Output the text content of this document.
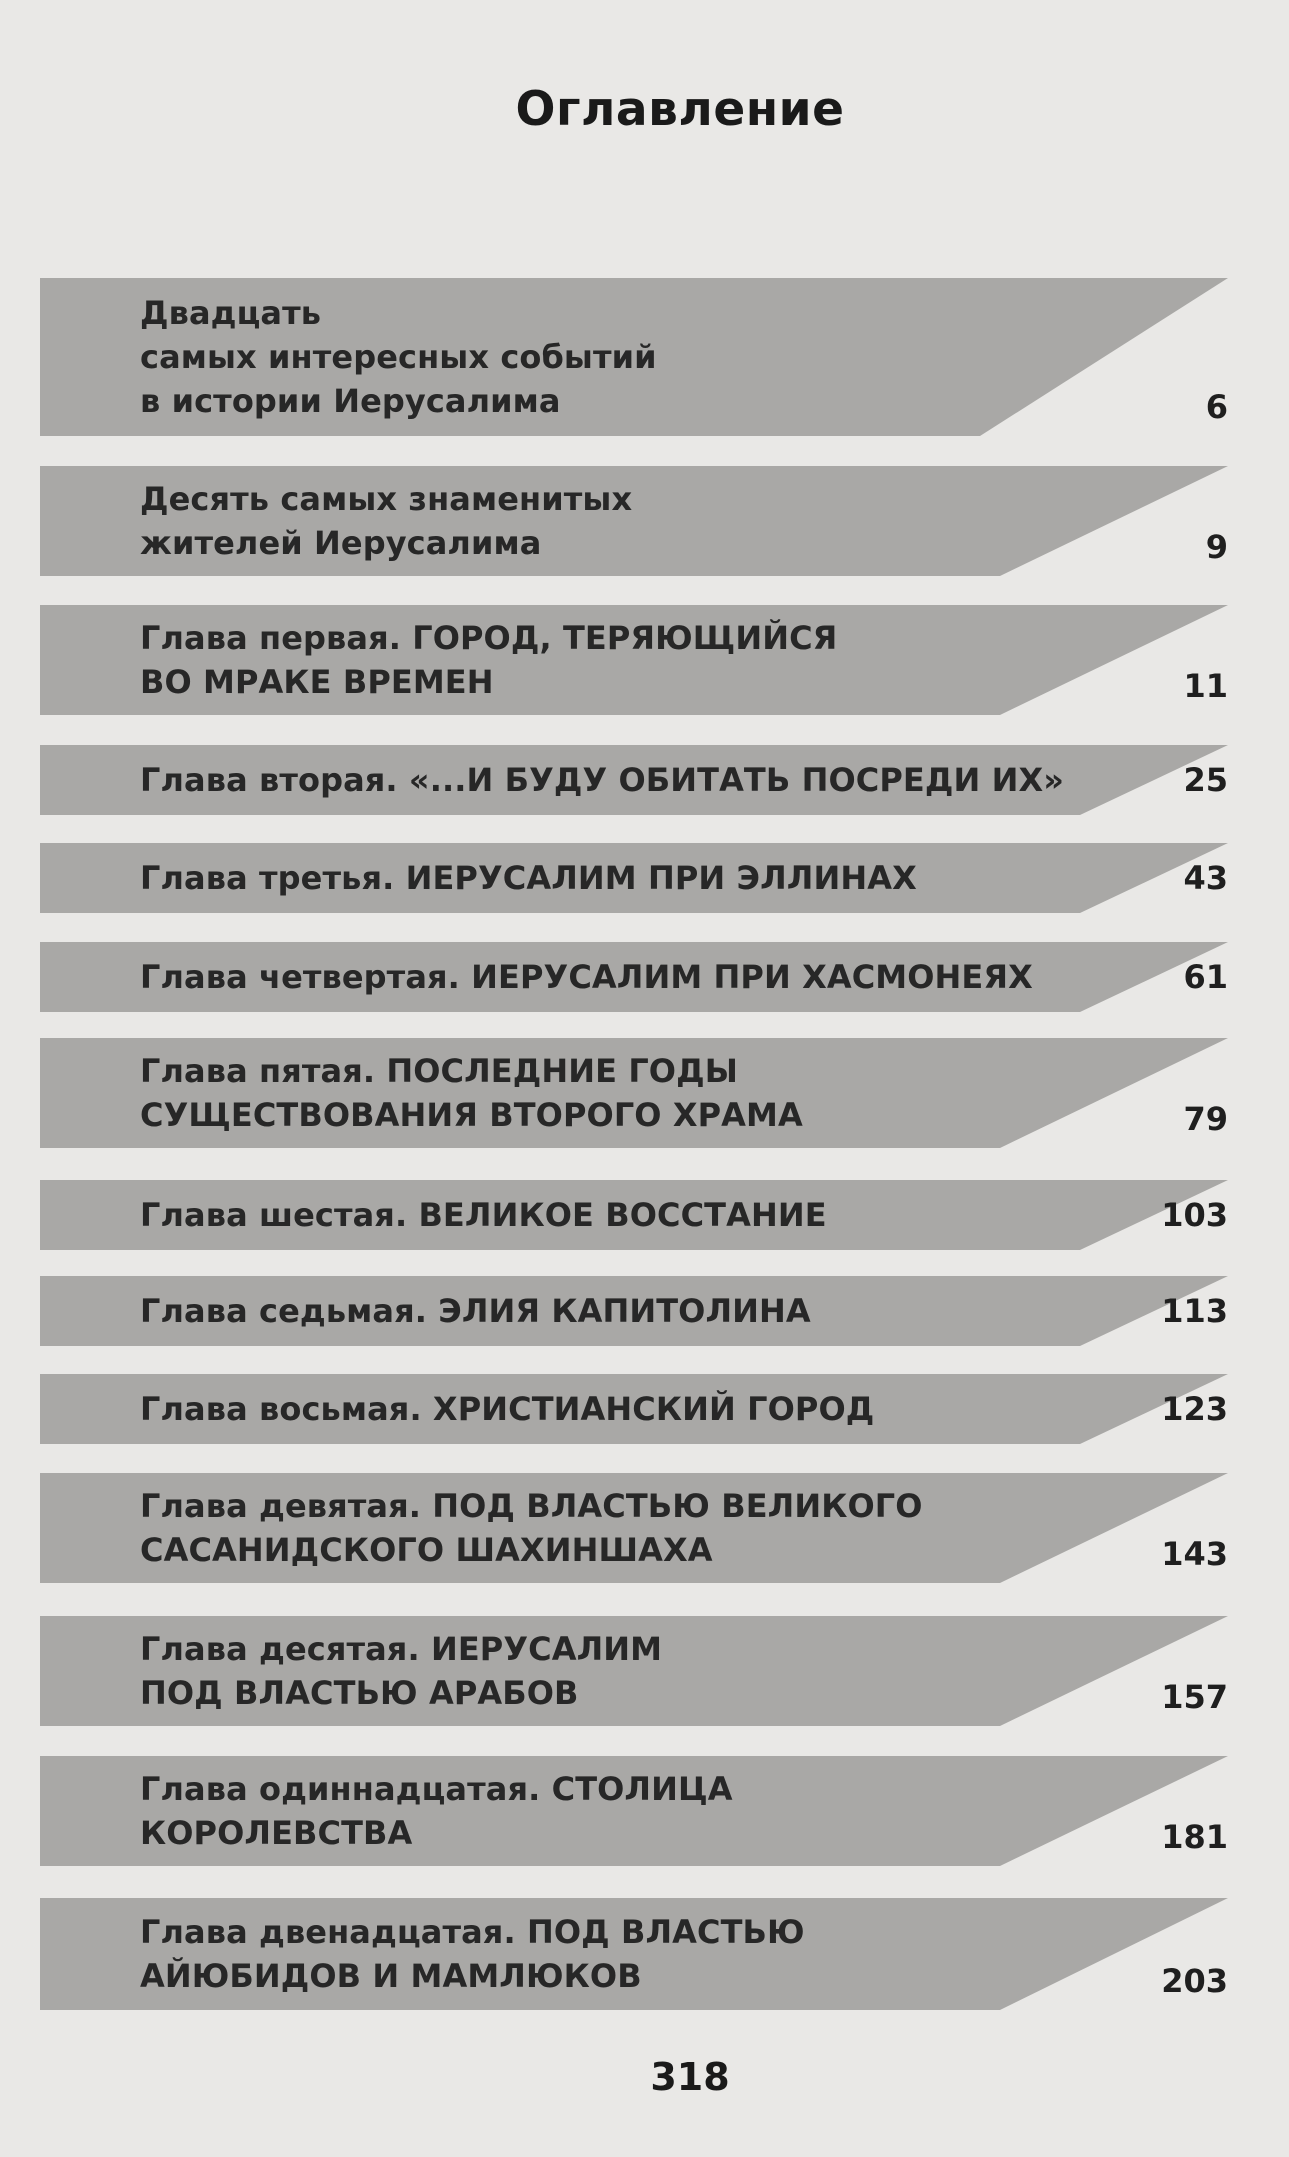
Оглавление
Двадцать
самых интересных событий
в истории Иерусалима	6
Десять самых знаменитых
жителей Иерусалима	9
Глава первая. ГОРОД, ТЕРЯЮЩИЙСЯ
ВО МРАКЕ ВРЕМЕН	11
Глава вторая. «...И БУДУ ОБИТАТЬ ПОСРЕДИ ИХ»	25
Глава третья. ИЕРУСАЛИМ ПРИ ЭЛЛИНАХ	43
Глава четвертая. ИЕРУСАЛИМ ПРИ ХАСМОНЕЯХ	61
Глава пятая. ПОСЛЕДНИЕ ГОДЫ
СУЩЕСТВОВАНИЯ ВТОРОГО ХРАМА	79
Глава шестая. ВЕЛИКОЕ ВОССТАНИЕ	103
Глава седьмая. ЭЛИЯ КАПИТОЛИНА	113
Глава восьмая. ХРИСТИАНСКИЙ ГОРОД	123
Глава девятая. ПОД ВЛАСТЬЮ ВЕЛИКОГО
САСАНИДСКОГО ШАХИНШАХА	143
Глава десятая. ИЕРУСАЛИМ
ПОД ВЛАСТЬЮ АРАБОВ	157
Глава одиннадцатая. СТОЛИЦА
КОРОЛЕВСТВА	181
Глава двенадцатая. ПОД ВЛАСТЬЮ
АЙЮБИДОВ И МАМЛЮКОВ	203
318
